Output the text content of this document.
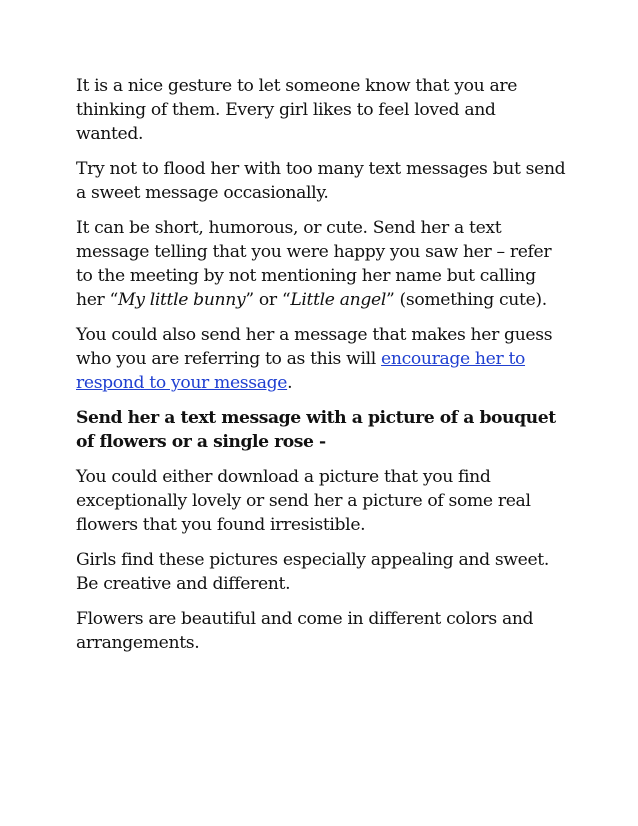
It is a nice gesture to let someone know that you are thinking of them. Every girl likes to feel loved and wanted.

Try not to flood her with too many text messages but send a sweet message occasionally.

It can be short, humorous, or cute. Send her a text message telling that you were happy you saw her – refer to the meeting by not mentioning her name but calling her “My little bunny” or “Little angel” (something cute).

You could also send her a message that makes her guess who you are referring to as this will encourage her to respond to your message.

Send her a text message with a picture of a bouquet of flowers or a single rose -

You could either download a picture that you find exceptionally lovely or send her a picture of some real flowers that you found irresistible.

Girls find these pictures especially appealing and sweet. Be creative and different.

Flowers are beautiful and come in different colors and arrangements.
